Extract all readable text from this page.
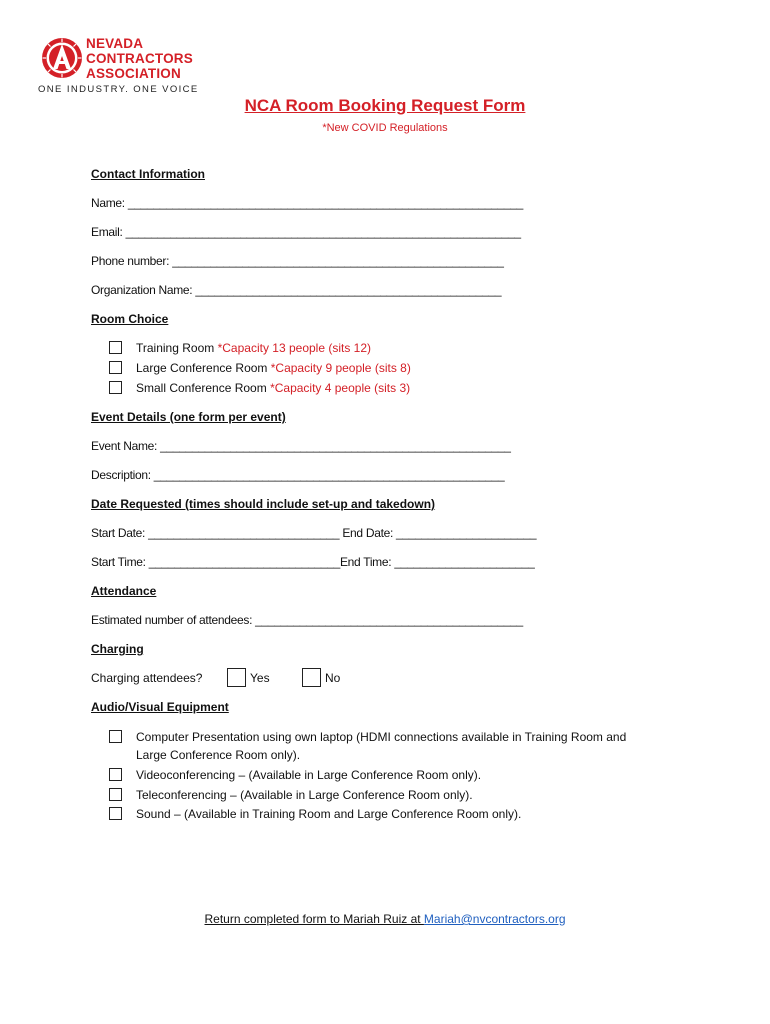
NEVADA
CONTRACTORS
ASSOCIATION
ONE INDUSTRY. ONE VOICE
NCA Room Booking Request Form
*New COVID Regulations
Contact Information
Name: ______________________________________________________________
Email: ______________________________________________________________
Phone number: ____________________________________________________
Organization Name: ________________________________________________
Room Choice
Training Room *Capacity 13 people (sits 12)
Large Conference Room *Capacity 9 people (sits 8)
Small Conference Room *Capacity 4 people (sits 3)
Event Details (one form per event)
Event Name: _______________________________________________________
Description: _______________________________________________________
Date Requested (times should include set-up and takedown)
Start Date: ______________________________ End Date: ______________________
Start Time: ______________________________End Time: ______________________
Attendance
Estimated number of attendees: __________________________________________
Charging
Charging attendees?	Yes	No
Audio/Visual Equipment
Computer Presentation using own laptop (HDMI connections available in Training Room and
Large Conference Room only).
Videoconferencing – (Available in Large Conference Room only).
Teleconferencing – (Available in Large Conference Room only).
Sound – (Available in Training Room and Large Conference Room only).
Return completed form to Mariah Ruiz at Mariah@nvcontractors.org
